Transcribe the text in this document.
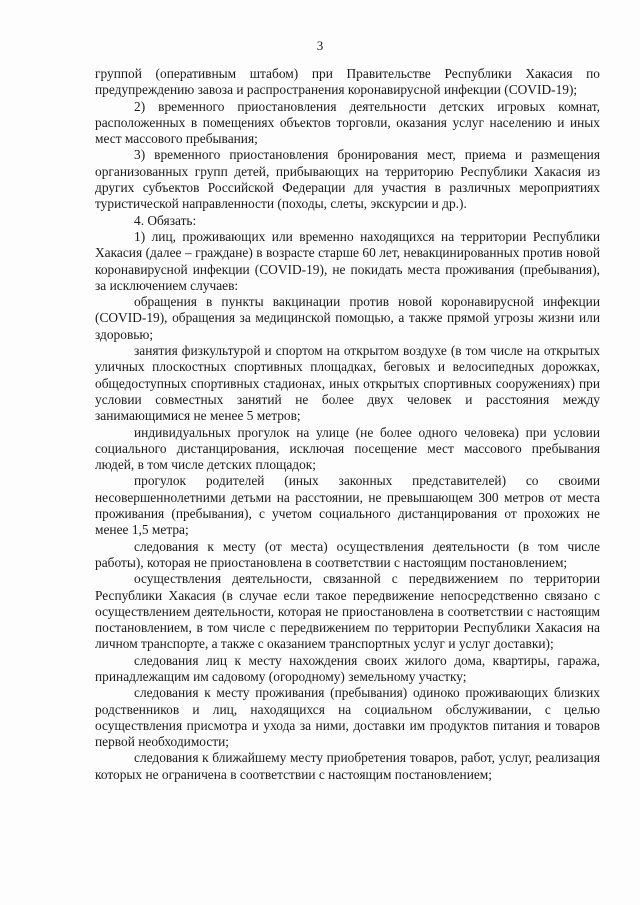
3

группой (оперативным штабом) при Правительстве Республики Хакасия по предупреждению завоза и распространения коронавирусной инфекции (COVID-19);

2) временного приостановления деятельности детских игровых комнат, расположенных в помещениях объектов торговли, оказания услуг населению и иных мест массового пребывания;

3) временного приостановления бронирования мест, приема и размещения организованных групп детей, прибывающих на территорию Республики Хакасия из других субъектов Российской Федерации для участия в различных мероприятиях туристической направленности (походы, слеты, экскурсии и др.).

4. Обязать:

1) лиц, проживающих или временно находящихся на территории Республики Хакасия (далее – граждане) в возрасте старше 60 лет, невакцинированных против новой коронавирусной инфекции (COVID-19), не покидать места проживания (пребывания), за исключением случаев:

обращения в пункты вакцинации против новой коронавирусной инфекции (COVID-19), обращения за медицинской помощью, а также прямой угрозы жизни или здоровью;

занятия физкультурой и спортом на открытом воздухе (в том числе на открытых уличных плоскостных спортивных площадках, беговых и велосипедных дорожках, общедоступных спортивных стадионах, иных открытых спортивных сооружениях) при условии совместных занятий не более двух человек и расстояния между занимающимися не менее 5 метров;

индивидуальных прогулок на улице (не более одного человека) при условии социального дистанцирования, исключая посещение мест массового пребывания людей, в том числе детских площадок;

прогулок родителей (иных законных представителей) со своими несовершеннолетними детьми на расстоянии, не превышающем 300 метров от места проживания (пребывания), с учетом социального дистанцирования от прохожих не менее 1,5 метра;

следования к месту (от места) осуществления деятельности (в том числе работы), которая не приостановлена в соответствии с настоящим постановлением;

осуществления деятельности, связанной с передвижением по территории Республики Хакасия (в случае если такое передвижение непосредственно связано с осуществлением деятельности, которая не приостановлена в соответствии с настоящим постановлением, в том числе с передвижением по территории Республики Хакасия на личном транспорте, а также с оказанием транспортных услуг и услуг доставки);

следования лиц к месту нахождения своих жилого дома, квартиры, гаража, принадлежащим им садовому (огородному) земельному участку;

следования к месту проживания (пребывания) одиноко проживающих близких родственников и лиц, находящихся на социальном обслуживании, с целью осуществления присмотра и ухода за ними, доставки им продуктов питания и товаров первой необходимости;

следования к ближайшему месту приобретения товаров, работ, услуг, реализация которых не ограничена в соответствии с настоящим постановлением;
